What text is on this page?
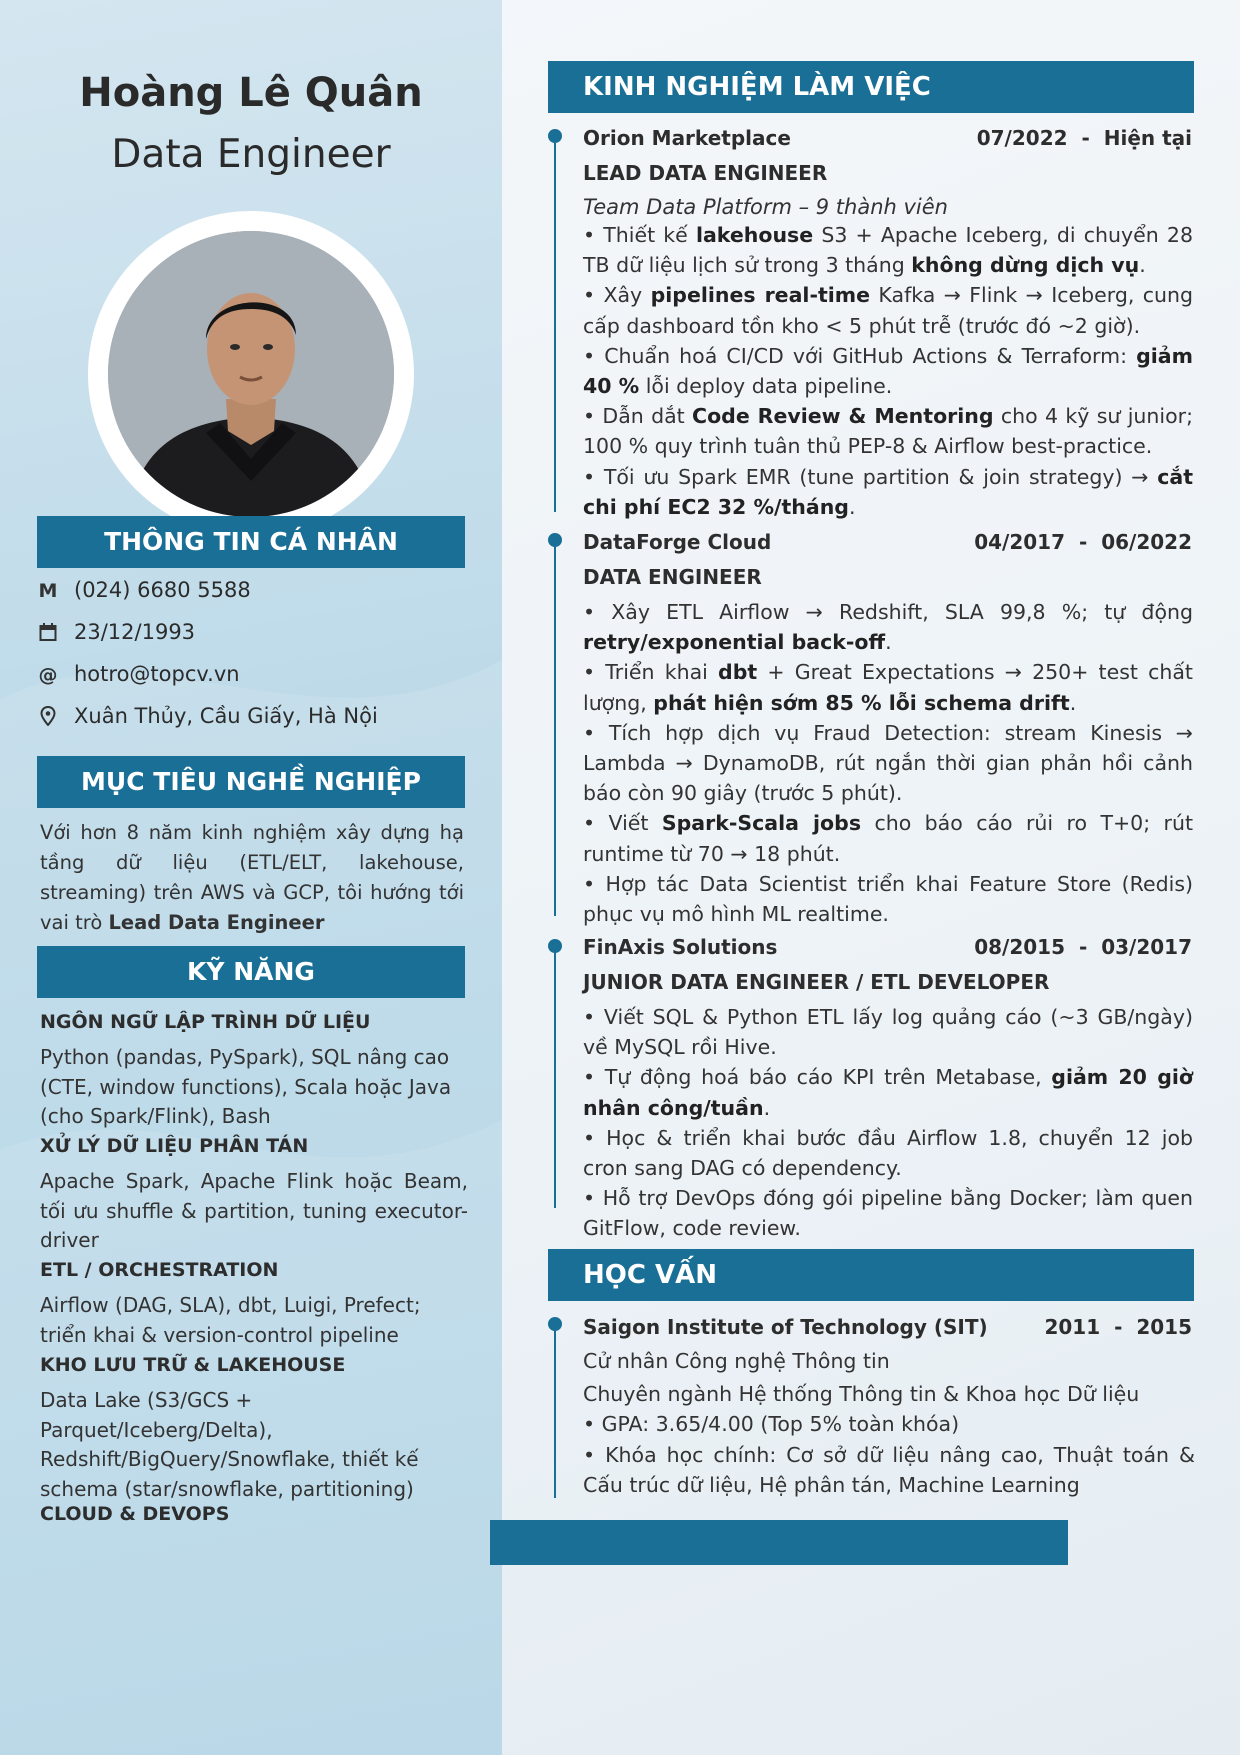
Hoàng Lê Quân
Data Engineer
THÔNG TIN CÁ NHÂN
M (024) 6680 5588
23/12/1993
@ hotro@topcv.vn
Xuân Thủy, Cầu Giấy, Hà Nội
MỤC TIÊU NGHỀ NGHIỆP
Với hơn 8 năm kinh nghiệm xây dựng hạ tầng dữ liệu (ETL/ELT, lakehouse, streaming) trên AWS và GCP, tôi hướng tới vai trò Lead Data Engineer
KỸ NĂNG
NGÔN NGỮ LẬP TRÌNH DỮ LIỆU
Python (pandas, PySpark), SQL nâng cao (CTE, window functions), Scala hoặc Java (cho Spark/Flink), Bash
XỬ LÝ DỮ LIỆU PHÂN TÁN
Apache Spark, Apache Flink hoặc Beam, tối ưu shuffle & partition, tuning executor-driver
ETL / ORCHESTRATION
Airflow (DAG, SLA), dbt, Luigi, Prefect; triển khai & version-control pipeline
KHO LƯU TRỮ & LAKEHOUSE
Data Lake (S3/GCS + Parquet/Iceberg/Delta), Redshift/BigQuery/Snowflake, thiết kế schema (star/snowflake, partitioning)
CLOUD & DEVOPS
KINH NGHIỆM LÀM VIỆC
Orion Marketplace	07/2022 - Hiện tại
LEAD DATA ENGINEER
Team Data Platform – 9 thành viên

• Thiết kế lakehouse S3 + Apache Iceberg, di chuyển 28 TB dữ liệu lịch sử trong 3 tháng không dừng dịch vụ.

• Xây pipelines real-time Kafka → Flink → Iceberg, cung cấp dashboard tồn kho < 5 phút trễ (trước đó ~2 giờ).

• Chuẩn hoá CI/CD với GitHub Actions & Terraform: giảm 40 % lỗi deploy data pipeline.

• Dẫn dắt Code Review & Mentoring cho 4 kỹ sư junior; 100 % quy trình tuân thủ PEP-8 & Airflow best-practice.

• Tối ưu Spark EMR (tune partition & join strategy) → cắt chi phí EC2 32 %/tháng.

DataForge Cloud	04/2017 - 06/2022
DATA ENGINEER

• Xây ETL Airflow → Redshift, SLA 99,8 %; tự động retry/exponential back-off.

• Triển khai dbt + Great Expectations → 250+ test chất lượng, phát hiện sớm 85 % lỗi schema drift.

• Tích hợp dịch vụ Fraud Detection: stream Kinesis → Lambda → DynamoDB, rút ngắn thời gian phản hồi cảnh báo còn 90 giây (trước 5 phút).

• Viết Spark-Scala jobs cho báo cáo rủi ro T+0; rút runtime từ 70 → 18 phút.

• Hợp tác Data Scientist triển khai Feature Store (Redis) phục vụ mô hình ML realtime.

FinAxis Solutions	08/2015 - 03/2017
JUNIOR DATA ENGINEER / ETL DEVELOPER

• Viết SQL & Python ETL lấy log quảng cáo (~3 GB/ngày) về MySQL rồi Hive.

• Tự động hoá báo cáo KPI trên Metabase, giảm 20 giờ nhân công/tuần.

• Học & triển khai bước đầu Airflow 1.8, chuyển 12 job cron sang DAG có dependency.

• Hỗ trợ DevOps đóng gói pipeline bằng Docker; làm quen GitFlow, code review.

HỌC VẤN
Saigon Institute of Technology (SIT)	2011 - 2015

Cử nhân Công nghệ Thông tin

Chuyên ngành Hệ thống Thông tin & Khoa học Dữ liệu

• GPA: 3.65/4.00 (Top 5% toàn khóa)

• Khóa học chính: Cơ sở dữ liệu nâng cao, Thuật toán & Cấu trúc dữ liệu, Hệ phân tán, Machine Learning
